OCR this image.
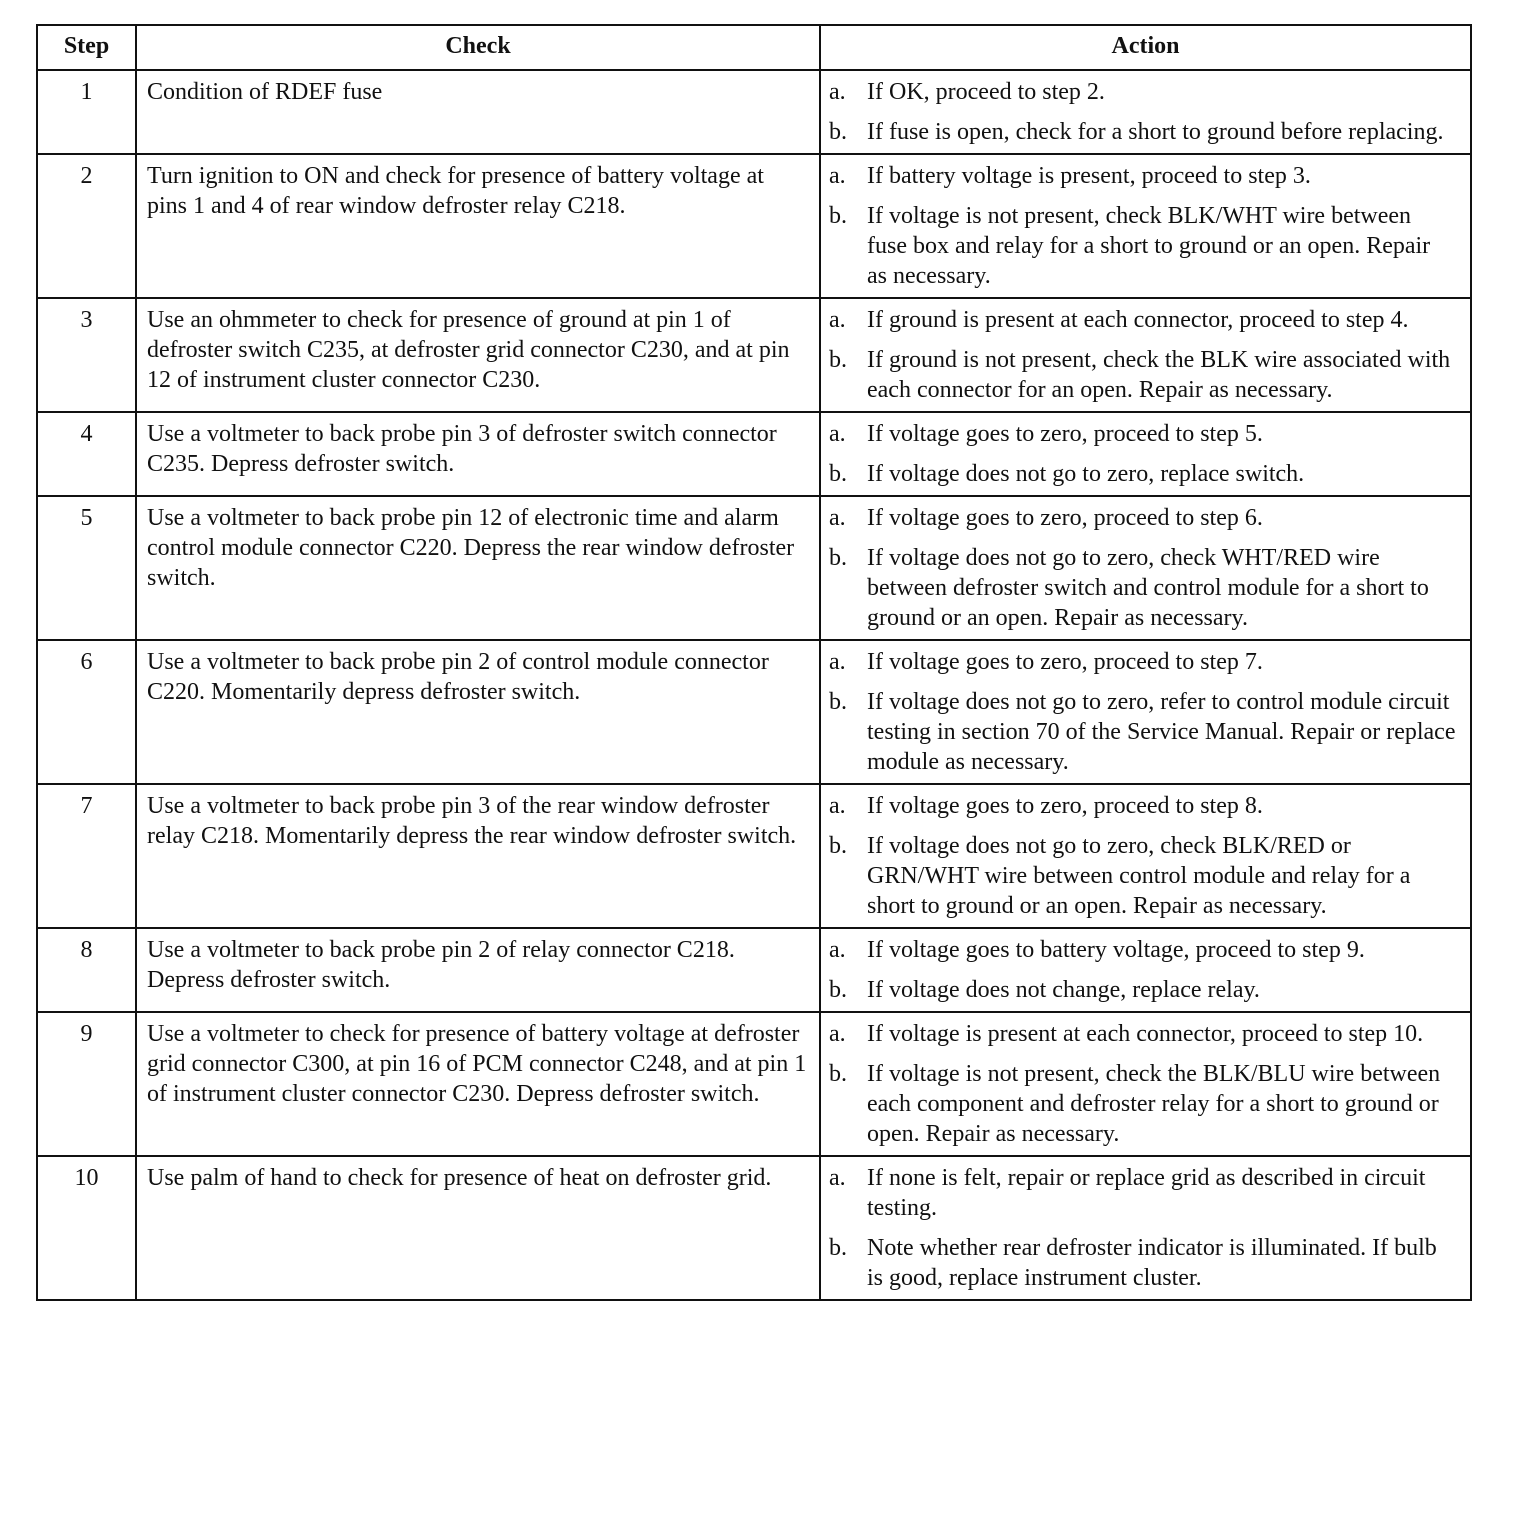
Step	Check	Action
1	Condition of RDEF fuse	a. If OK, proceed to step 2.
b. If fuse is open, check for a short to ground before replacing.

2	Turn ignition to ON and check for presence of battery voltage at pins 1 and 4 of rear window defroster relay C218.	a. If battery voltage is present, proceed to step 3.
b. If voltage is not present, check BLK/WHT wire between fuse box and relay for a short to ground or an open. Repair as necessary.

3	Use an ohmmeter to check for presence of ground at pin 1 of defroster switch C235, at defroster grid connector C230, and at pin 12 of instrument cluster connector C230.	a. If ground is present at each connector, proceed to step 4.
b. If ground is not present, check the BLK wire associated with each connector for an open. Repair as necessary.

4	Use a voltmeter to back probe pin 3 of defroster switch connector C235. Depress defroster switch.	a. If voltage goes to zero, proceed to step 5.
b. If voltage does not go to zero, replace switch.

5	Use a voltmeter to back probe pin 12 of electronic time and alarm control module connector C220. Depress the rear window defroster switch.	a. If voltage goes to zero, proceed to step 6.
b. If voltage does not go to zero, check WHT/RED wire between defroster switch and control module for a short to ground or an open. Repair as necessary.

6	Use a voltmeter to back probe pin 2 of control module connector C220. Momentarily depress defroster switch.	a. If voltage goes to zero, proceed to step 7.
b. If voltage does not go to zero, refer to control module circuit testing in section 70 of the Service Manual. Repair or replace module as necessary.

7	Use a voltmeter to back probe pin 3 of the rear window defroster relay C218. Momentarily depress the rear window defroster switch.	a. If voltage goes to zero, proceed to step 8.
b. If voltage does not go to zero, check BLK/RED or GRN/WHT wire between control module and relay for a short to ground or an open. Repair as necessary.

8	Use a voltmeter to back probe pin 2 of relay connector C218. Depress defroster switch.	a. If voltage goes to battery voltage, proceed to step 9.
b. If voltage does not change, replace relay.

9	Use a voltmeter to check for presence of battery voltage at defroster grid connector C300, at pin 16 of PCM connector C248, and at pin 1 of instrument cluster connector C230. Depress defroster switch.	a. If voltage is present at each connector, proceed to step 10.
b. If voltage is not present, check the BLK/BLU wire between each component and defroster relay for a short to ground or open. Repair as necessary.

10	Use palm of hand to check for presence of heat on defroster grid.	a. If none is felt, repair or replace grid as described in circuit testing.
b. Note whether rear defroster indicator is illuminated. If bulb is good, replace instrument cluster.
